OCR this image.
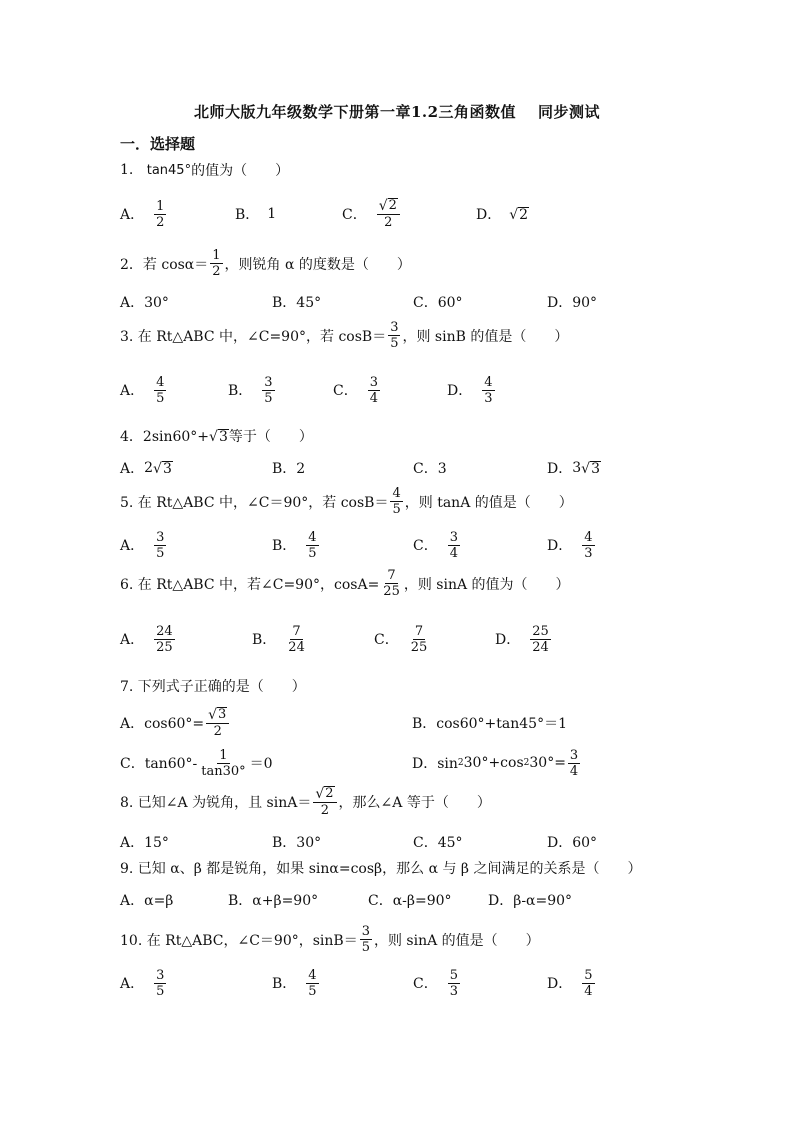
北师大版九年级数学下册第一章1.2三角函数值 同步测试
一．选择题
1.
tan45° 的值为（　　）
A． $\frac{1}{2}$	B． 1	C． $\frac{√ 2}{2}$	D． √ 2
2．若 $\cos\alpha= \frac{1}{2}$ ，则锐角 α 的度数是（　　）
A．30°	B．45°	C．60°	D．90°
3. 在 Rt△ABC 中，∠C=90°，若 $\cos B= \frac{3}{5}$ ，则 sinB 的值是（　　）
A． $\frac{4}{5}$	B． $\frac{3}{5}$	C． $\frac{3}{4}$	D． $\frac{4}{3}$
4．2sin60°+ √ 3 等于（　　）
A． 2 √ 3	B．2	C．3	D． 3 √ 3
5. 在 Rt△ABC 中，∠C＝90°，若 $\cos B= \frac{4}{5}$ ，则 tanA 的值是（　　）
A． $\frac{3}{5}$	B． $\frac{4}{5}$	C． $\frac{3}{4}$	D． $\frac{4}{3}$
6. 在 Rt△ABC 中，若∠C=90°，$\cos A= \frac{7}{25}$ ，则 sinA 的值为（　　）
A． $\frac{24}{25}$	B． $\frac{7}{24}$	C． $\frac{7}{25}$	D． $\frac{25}{24}$
7. 下列式子正确的是（　　）
A．$\cos 60^\circ= \frac{√ 3}{2}$	B．cos60°+tan45°＝1
C．$\tan 60^\circ- \frac{1}{\tan 30^\circ} =0$	D．sin 2 30°+cos 2 $30^\circ= \frac{3}{4}$
8. 已知∠A 为锐角，且 $\sin A= \frac{√ 2}{2}$ ，那么∠A 等于（　　）
A．15°	B．30°	C．45°	D．60°
9. 已知 α、β 都是锐角，如果 sinα=cosβ，那么 α 与 β 之间满足的关系是（　　）
A．α=β	B．α+β=90°	C．α-β=90°	D．β-α=90°
10. 在 Rt△ABC，∠C＝90°，$\sin B= \frac{3}{5}$ ，则 sinA 的值是（　　）
A． $\frac{3}{5}$	B． $\frac{4}{5}$	C． $\frac{5}{3}$	D． $\frac{5}{4}$
